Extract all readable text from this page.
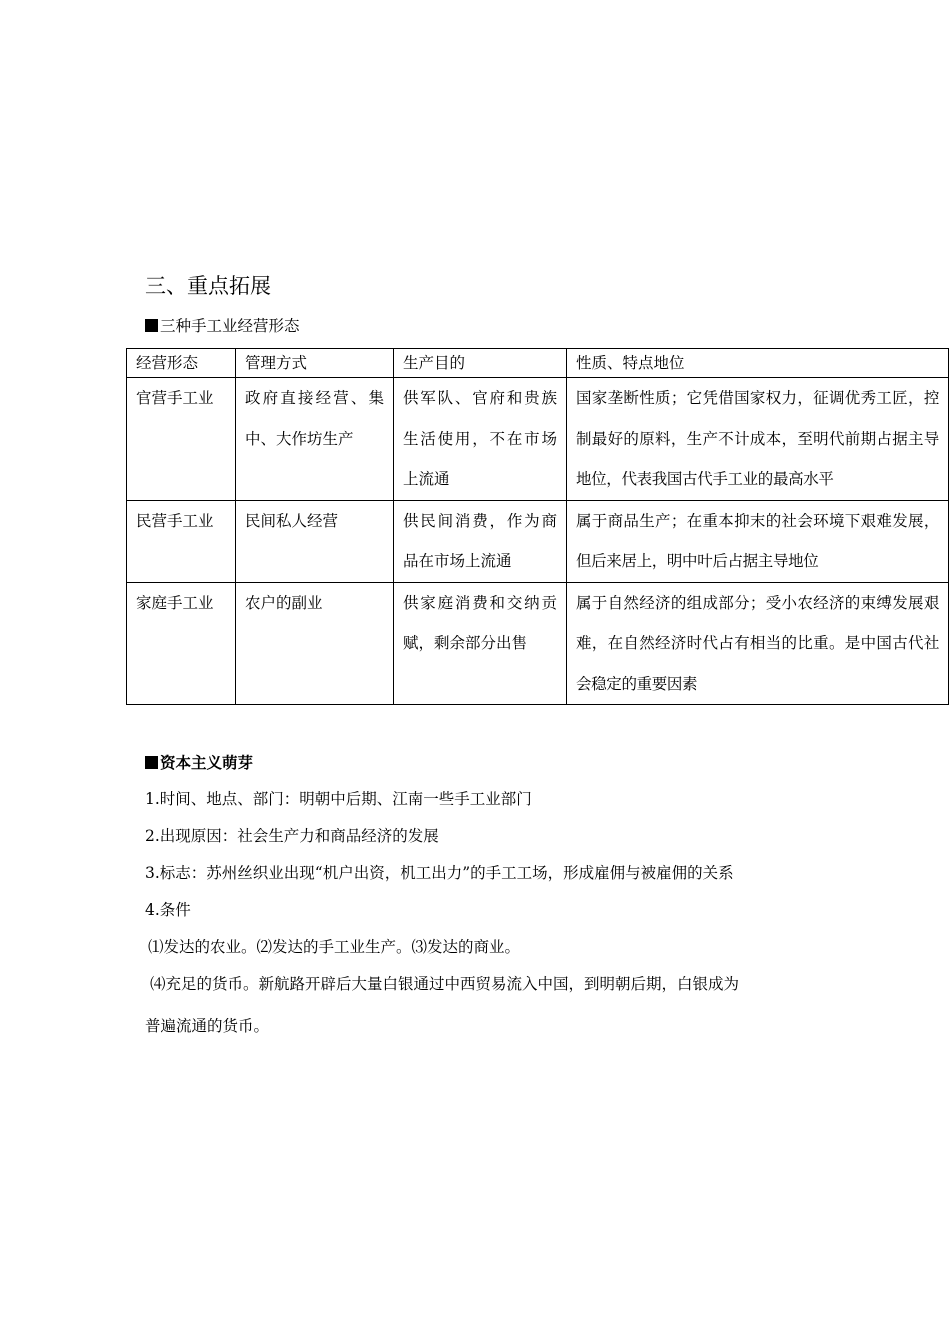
三、重点拓展
三种手工业经营形态
经营形态	管理方式	生产目的	性质、特点地位
官营手工业	政府直接经营、集中、大作坊生产	供军队、官府和贵族生活使用，不在市场上流通	国家垄断性质；它凭借国家权力，征调优秀工匠，控制最好的原料，生产不计成本，至明代前期占据主导地位，代表我国古代手工业的最高水平
民营手工业	民间私人经营	供民间消费，作为商品在市场上流通	属于商品生产；在重本抑末的社会环境下艰难发展，但后来居上，明中叶后占据主导地位
家庭手工业	农户的副业	供家庭消费和交纳贡赋，剩余部分出售	属于自然经济的组成部分；受小农经济的束缚发展艰难，在自然经济时代占有相当的比重。是中国古代社会稳定的重要因素
资本主义萌芽
1.时间、地点、部门：明朝中后期、江南一些手工业部门
2.出现原因：社会生产力和商品经济的发展
3.标志：苏州丝织业出现“机户出资，机工出力”的手工工场，形成雇佣与被雇佣的关系
4.条件
⑴发达的农业。⑵发达的手工业生产。⑶发达的商业。
⑷充足的货币。新航路开辟后大量白银通过中西贸易流入中国，到明朝后期，白银成为
普遍流通的货币。
